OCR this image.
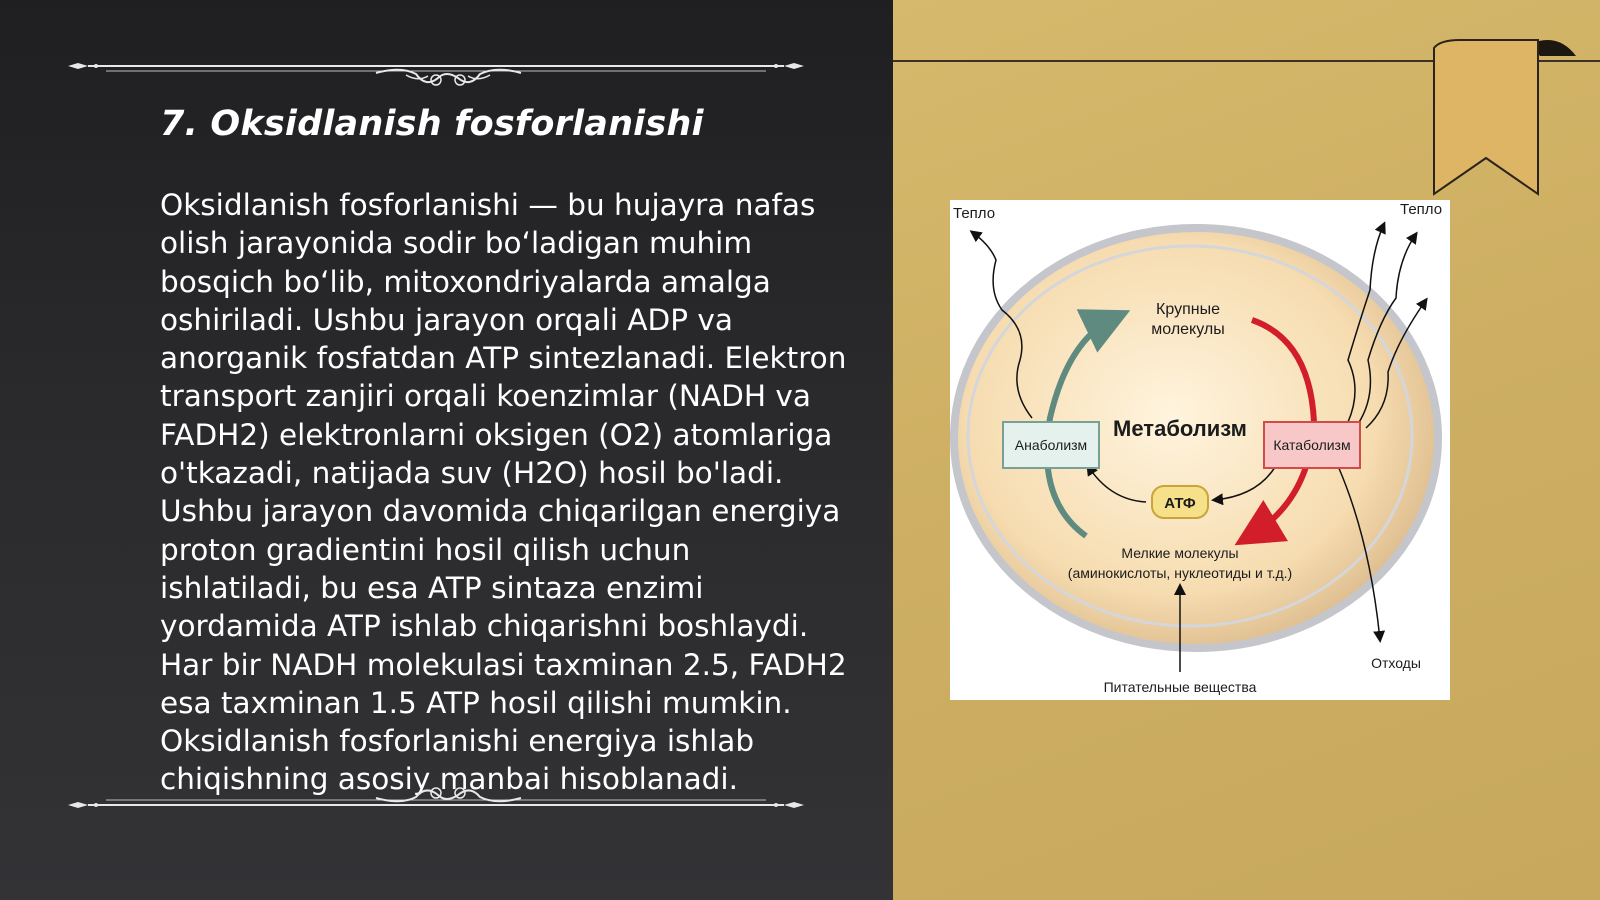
7. Oksidlanish fosforlanishi

Oksidlanish fosforlanishi — bu hujayra nafas olish jarayonida sodir bo‘ladigan muhim bosqich bo‘lib, mitoxondriyalarda amalga oshiriladi. Ushbu jarayon orqali ADP va anorganik fosfatdan ATP sintezlanadi. Elektron transport zanjiri orqali koenzimlar (NADH va FADH2) elektronlarni oksigen (O2) atomlariga o'tkazadi, natijada suv (H2O) hosil bo'ladi. Ushbu jarayon davomida chiqarilgan energiya proton gradientini hosil qilish uchun ishlatiladi, bu esa ATP sintaza enzimi yordamida ATP ishlab chiqarishni boshlaydi. Har bir NADH molekulasi taxminan 2.5, FADH2 esa taxminan 1.5 ATP hosil qilishi mumkin. Oksidlanish fosforlanishi energiya ishlab chiqishning asosiy manbai hisoblanadi.

Тепло	Тепло
Крупные
молекулы
Метаболизм
Анаболизм	Катаболизм
АТФ
Мелкие молекулы
(аминокислоты, нуклеотиды и т.д.)
Питательные вещества
Отходы
